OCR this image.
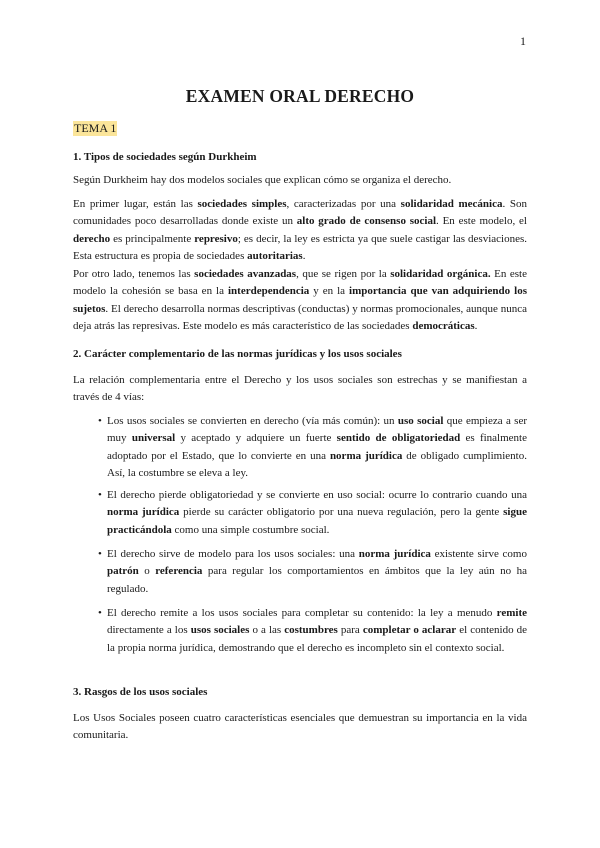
1
EXAMEN ORAL DERECHO
TEMA 1
1. Tipos de sociedades según Durkheim

Según Durkheim hay dos modelos sociales que explican cómo se organiza el derecho.

En primer lugar, están las sociedades simples, caracterizadas por una solidaridad mecánica. Son comunidades poco desarrolladas donde existe un alto grado de consenso social. En este modelo, el derecho es principalmente represivo; es decir, la ley es estricta ya que suele castigar las desviaciones. Esta estructura es propia de sociedades autoritarias.

Por otro lado, tenemos las sociedades avanzadas, que se rigen por la solidaridad orgánica. En este modelo la cohesión se basa en la interdependencia y en la importancia que van adquiriendo los sujetos. El derecho desarrolla normas descriptivas (conductas) y normas promocionales, aunque nunca deja atrás las represivas. Este modelo es más característico de las sociedades democráticas.

2. Carácter complementario de las normas jurídicas y los usos sociales

La relación complementaria entre el Derecho y los usos sociales son estrechas y se manifiestan a través de 4 vías:

• Los usos sociales se convierten en derecho (vía más común): un uso social que empieza a ser muy universal y aceptado y adquiere un fuerte sentido de obligatoriedad es finalmente adoptado por el Estado, que lo convierte en una norma jurídica de obligado cumplimiento. Así, la costumbre se eleva a ley.
• El derecho pierde obligatoriedad y se convierte en uso social: ocurre lo contrario cuando una norma jurídica pierde su carácter obligatorio por una nueva regulación, pero la gente sigue practicándola como una simple costumbre social.
• El derecho sirve de modelo para los usos sociales: una norma jurídica existente sirve como patrón o referencia para regular los comportamientos en ámbitos que la ley aún no ha regulado.
• El derecho remite a los usos sociales para completar su contenido: la ley a menudo remite directamente a los usos sociales o a las costumbres para completar o aclarar el contenido de la propia norma jurídica, demostrando que el derecho es incompleto sin el contexto social.
3. Rasgos de los usos sociales

Los Usos Sociales poseen cuatro características esenciales que demuestran su importancia en la vida comunitaria.
